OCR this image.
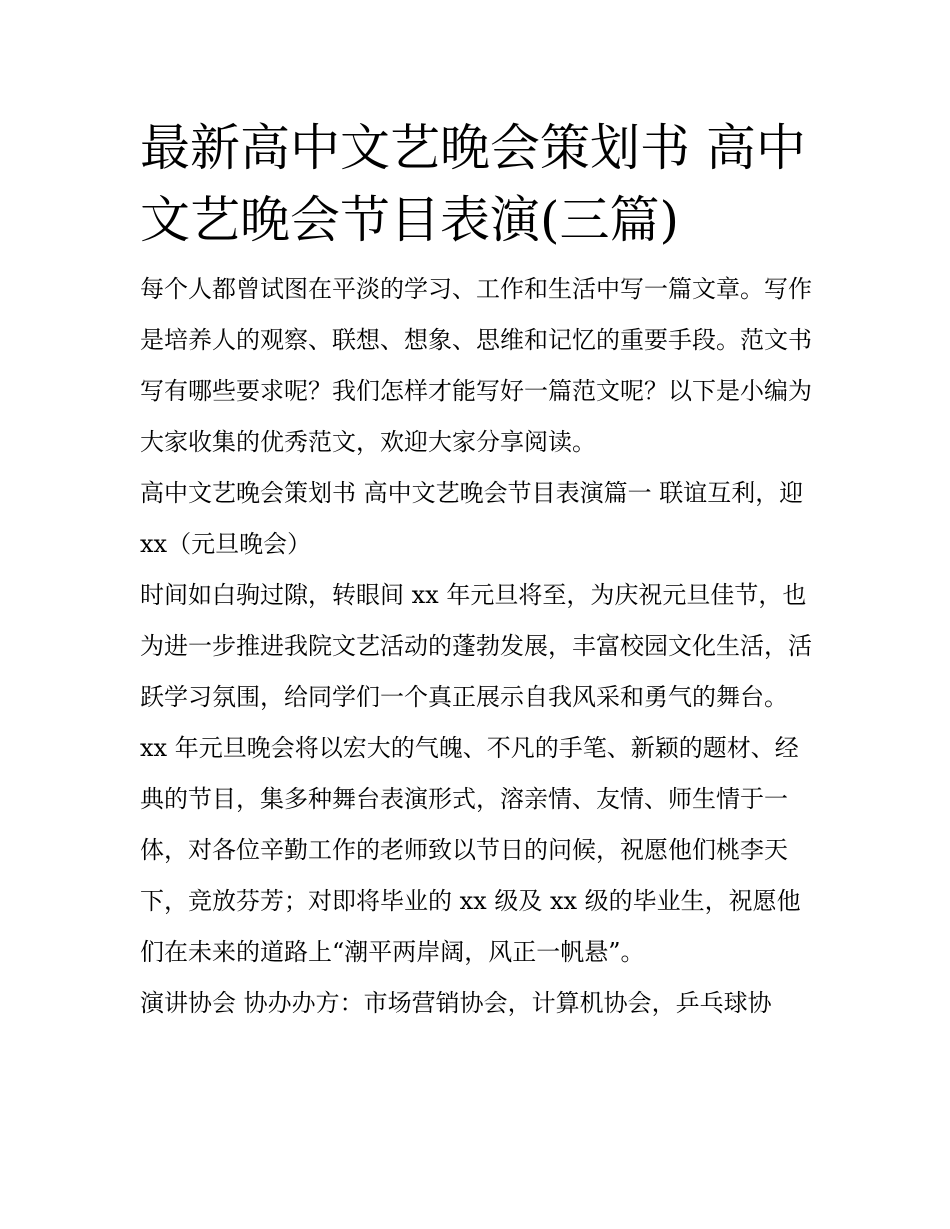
最新高中文艺晚会策划书 高中文艺晚会节目表演(三篇)

每个人都曾试图在平淡的学习、工作和生活中写一篇文章。写作是培养人的观察、联想、想象、思维和记忆的重要手段。范文书写有哪些要求呢？我们怎样才能写好一篇范文呢？以下是小编为大家收集的优秀范文，欢迎大家分享阅读。

高中文艺晚会策划书 高中文艺晚会节目表演篇一 联谊互利，迎 xx（元旦晚会）

时间如白驹过隙，转眼间 xx 年元旦将至，为庆祝元旦佳节，也为进一步推进我院文艺活动的蓬勃发展，丰富校园文化生活，活跃学习氛围，给同学们一个真正展示自我风采和勇气的舞台。

xx 年元旦晚会将以宏大的气魄、不凡的手笔、新颖的题材、经典的节目，集多种舞台表演形式，溶亲情、友情、师生情于一体，对各位辛勤工作的老师致以节日的问候，祝愿他们桃李天下，竞放芬芳；对即将毕业的 xx 级及 xx 级的毕业生，祝愿他们在未来的道路上“潮平两岸阔，风正一帆悬”。

演讲协会 协办办方：市场营销协会，计算机协会，乒乓球协
